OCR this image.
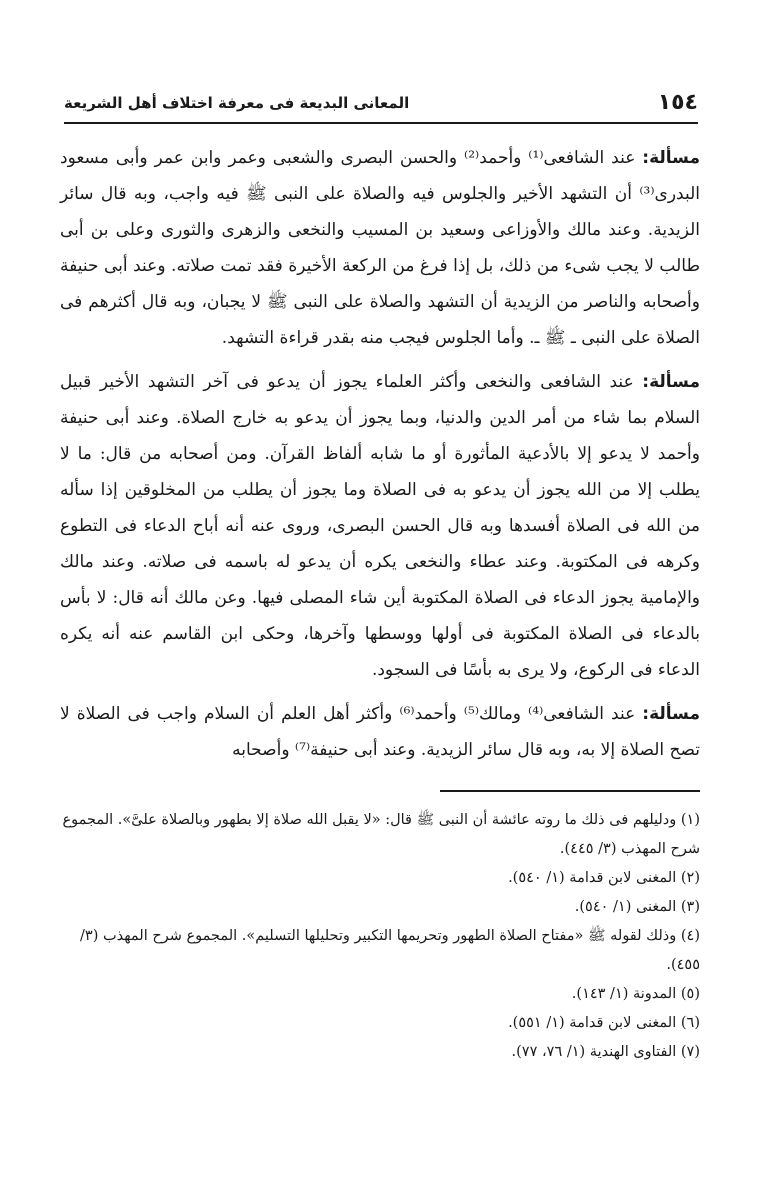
١٥٤
المعانى البديعة فى معرفة اختلاف أهل الشريعة

مسألة: عند الشافعى⁽¹⁾ وأحمد⁽²⁾ والحسن البصرى والشعبى وعمر وابن عمر وأبى مسعود البدرى⁽³⁾ أن التشهد الأخير والجلوس فيه والصلاة على النبى ﷺ فيه واجب، وبه قال سائر الزيدية. وعند مالك والأوزاعى وسعيد بن المسيب والنخعى والزهرى والثورى وعلى بن أبى طالب لا يجب شىء من ذلك، بل إذا فرغ من الركعة الأخيرة فقد تمت صلاته. وعند أبى حنيفة وأصحابه والناصر من الزيدية أن التشهد والصلاة على النبى ﷺ لا يجبان، وبه قال أكثرهم فى الصلاة على النبى ـ ﷺ ـ. وأما الجلوس فيجب منه بقدر قراءة التشهد.

مسألة: عند الشافعى والنخعى وأكثر العلماء يجوز أن يدعو فى آخر التشهد الأخير قبيل السلام بما شاء من أمر الدين والدنيا، وبما يجوز أن يدعو به خارج الصلاة. وعند أبى حنيفة وأحمد لا يدعو إلا بالأدعية المأثورة أو ما شابه ألفاظ القرآن. ومن أصحابه من قال: ما لا يطلب إلا من الله يجوز أن يدعو به فى الصلاة وما يجوز أن يطلب من المخلوقين إذا سأله من الله فى الصلاة أفسدها وبه قال الحسن البصرى، وروى عنه أنه أباح الدعاء فى التطوع وكرهه فى المكتوبة. وعند عطاء والنخعى يكره أن يدعو له باسمه فى صلاته. وعند مالك والإمامية يجوز الدعاء فى الصلاة المكتوبة أين شاء المصلى فيها. وعن مالك أنه قال: لا بأس بالدعاء فى الصلاة المكتوبة فى أولها ووسطها وآخرها، وحكى ابن القاسم عنه أنه يكره الدعاء فى الركوع، ولا يرى به بأسًا فى السجود.

مسألة: عند الشافعى⁽⁴⁾ ومالك⁽⁵⁾ وأحمد⁽⁶⁾ وأكثر أهل العلم أن السلام واجب فى الصلاة لا تصح الصلاة إلا به، وبه قال سائر الزيدية. وعند أبى حنيفة⁽⁷⁾ وأصحابه

(١) ودليلهم فى ذلك ما روته عائشة أن النبى ﷺ قال: «لا يقبل الله صلاة إلا بطهور وبالصلاة علىَّ». المجموع شرح المهذب (٣/ ٤٤٥).

(٢) المغنى لابن قدامة (١/ ٥٤٠).

(٣) المغنى (١/ ٥٤٠).

(٤) وذلك لقوله ﷺ «مفتاح الصلاة الطهور وتحريمها التكبير وتحليلها التسليم». المجموع شرح المهذب (٣/ ٤٥٥).

(٥) المدونة (١/ ١٤٣).

(٦) المغنى لابن قدامة (١/ ٥٥١).

(٧) الفتاوى الهندية (١/ ٧٦، ٧٧).
